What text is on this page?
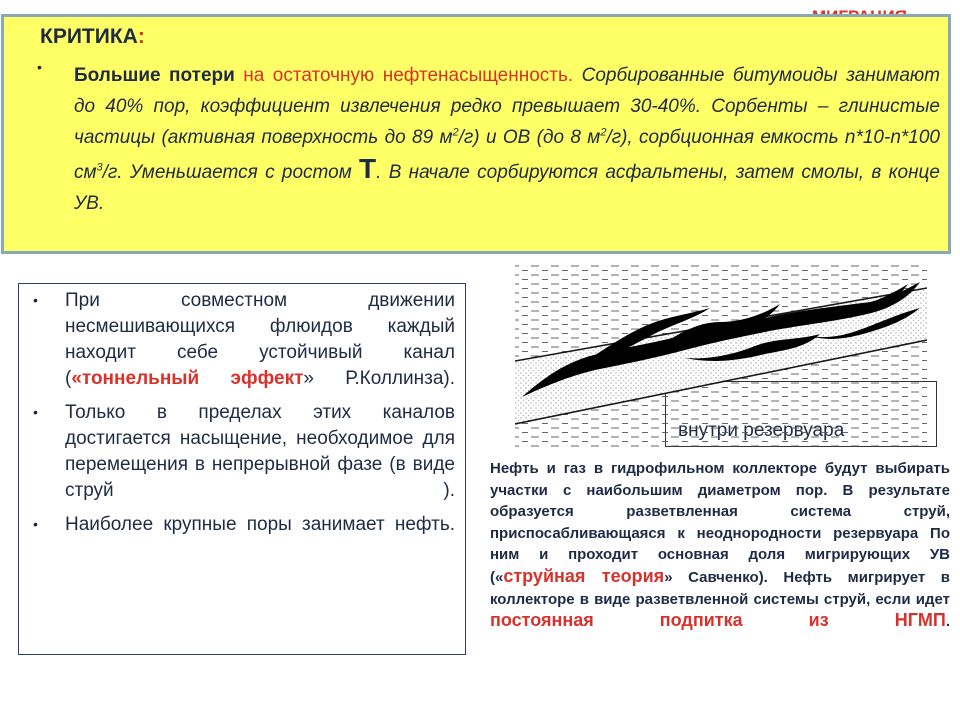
КРИТИКА:
• Большие потери на остаточную нефтенасыщенность. Сорбированные битумоиды занимают до 40% пор, коэффициент извлечения редко превышает 30-40%. Сорбенты – глинистые частицы (активная поверхность до 89 $м^2/г$) и ОВ (до 8 $м^2/г$), сорбционная емкость n*10-n*100 $см^3/г$. Уменьшается с ростом Т. В начале сорбируются асфальтены, затем смолы, в конце УВ.
• При совместном движении несмешивающихся флюидов каждый находит себе устойчивый канал («тоннельный эффект» Р.Коллинза).
• Только в пределах этих каналов достигается насыщение, необходимое для перемещения в непрерывной фазе (в виде струй ).
• Наиболее крупные поры занимает нефть.
Нефть и газ в гидрофильном коллекторе будут выбирать участки с наибольшим диаметром пор. В результате образуется разветвленная система струй, приспосабливающаяся к неоднородности резервуара По ним и проходит основная доля мигрирующих УВ («струйная теория» Савченко). Нефть мигрирует в коллекторе в виде разветвленной системы струй, если идет постоянная подпитка из НГМП.
